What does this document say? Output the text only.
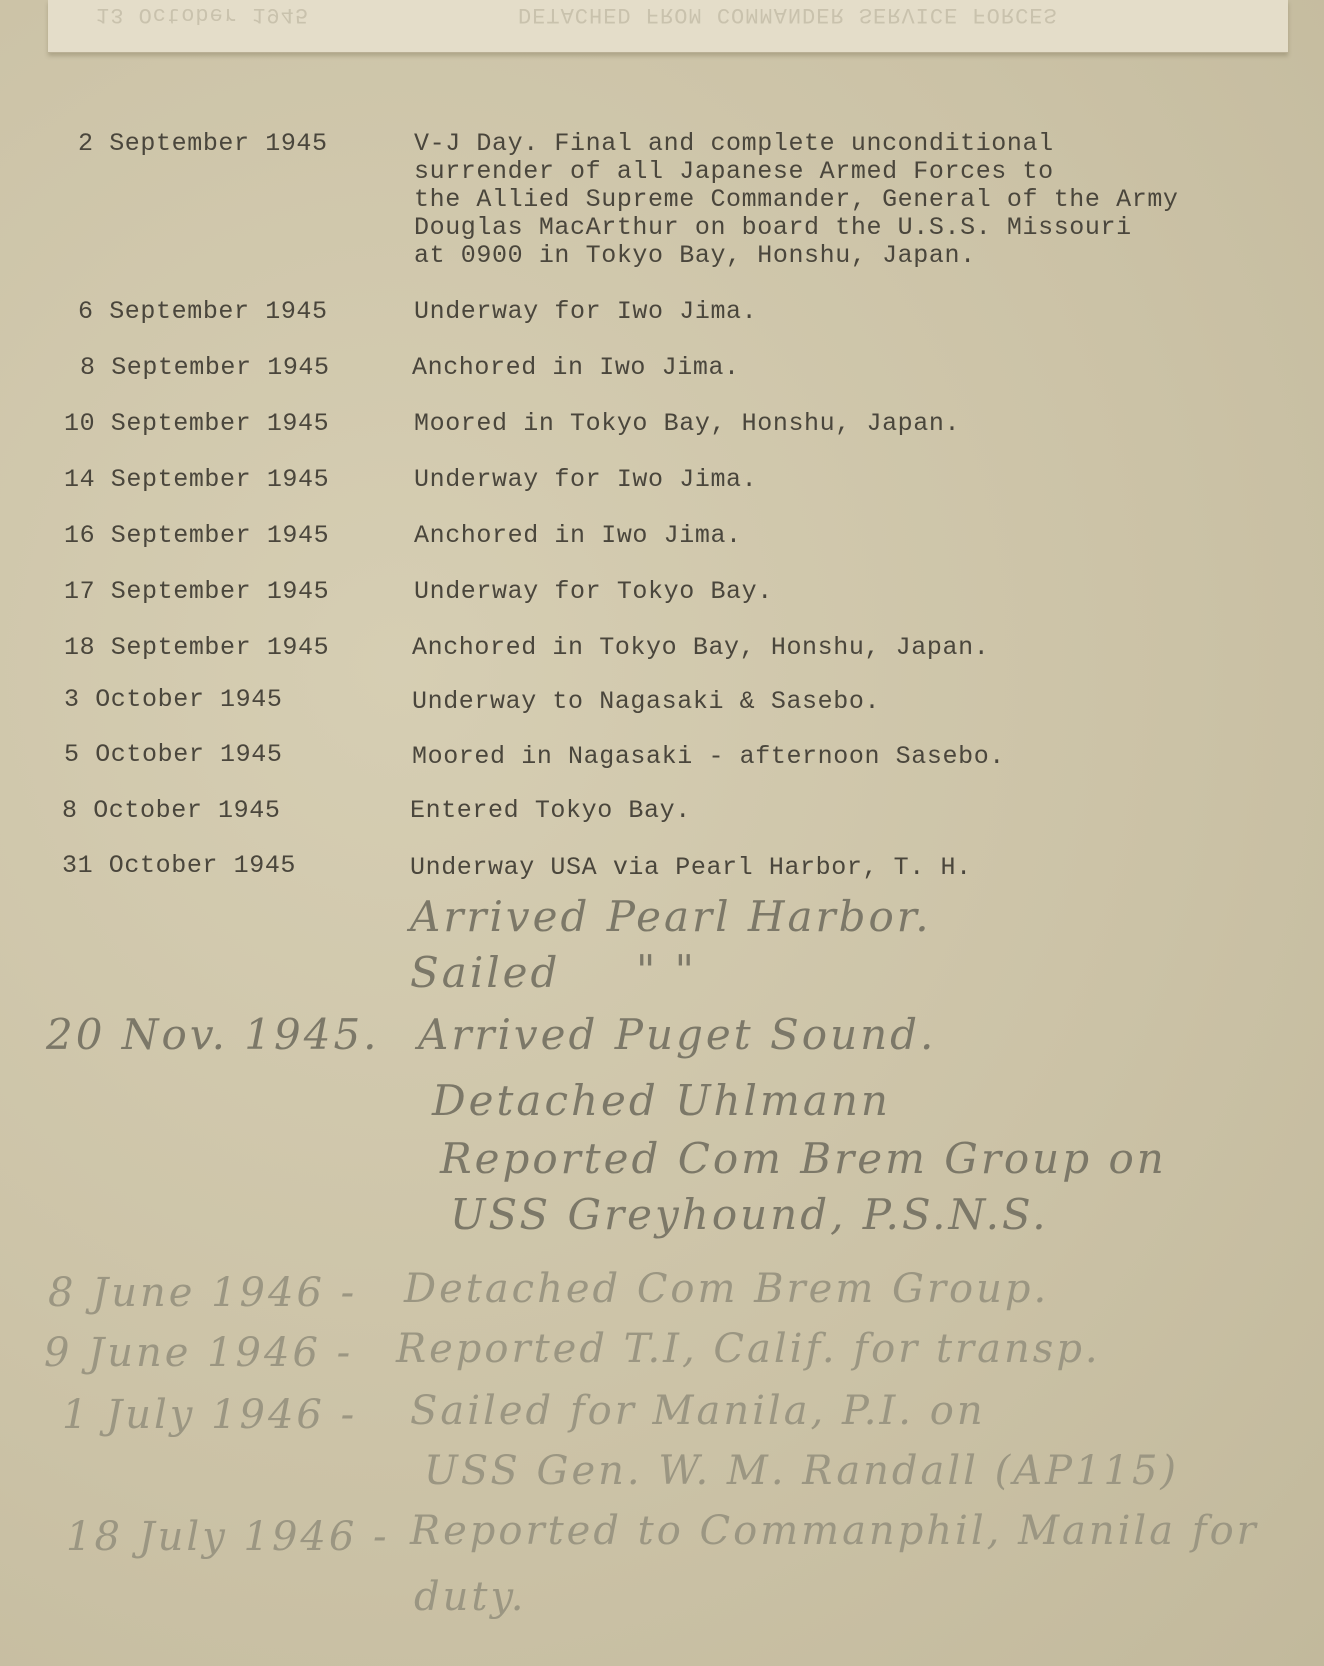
13 October 1945	DETACHED FROM COMMANDER SERVICE FORCES
2 September 1945	V-J Day. Final and complete unconditional
surrender of all Japanese Armed Forces to
the Allied Supreme Commander, General of the Army
Douglas MacArthur on board the U.S.S. Missouri
at 0900 in Tokyo Bay, Honshu, Japan.
6 September 1945	Underway for Iwo Jima.
8 September 1945	Anchored in Iwo Jima.
10 September 1945	Moored in Tokyo Bay, Honshu, Japan.
14 September 1945	Underway for Iwo Jima.
16 September 1945	Anchored in Iwo Jima.
17 September 1945	Underway for Tokyo Bay.
18 September 1945	Anchored in Tokyo Bay, Honshu, Japan.
3 October 1945	Underway to Nagasaki & Sasebo.
5 October 1945	Moored in Nagasaki - afternoon Sasebo.
8 October 1945	Entered Tokyo Bay.
31 October 1945	Underway USA via Pearl Harbor, T. H.
Arrived Pearl Harbor.
Sailed " "
20 Nov. 1945. Arrived Puget Sound.
Detached Uhlmann
Reported Com Brem Group on
USS Greyhound, P.S.N.S.
8 June 1946 - Detached Com Brem Group.
9 June 1946 - Reported T.I, Calif. for transp.
1 July 1946 - Sailed for Manila, P.I. on
USS Gen. W. M. Randall (AP115)
18 July 1946 - Reported to Commanphil, Manila for
duty.
